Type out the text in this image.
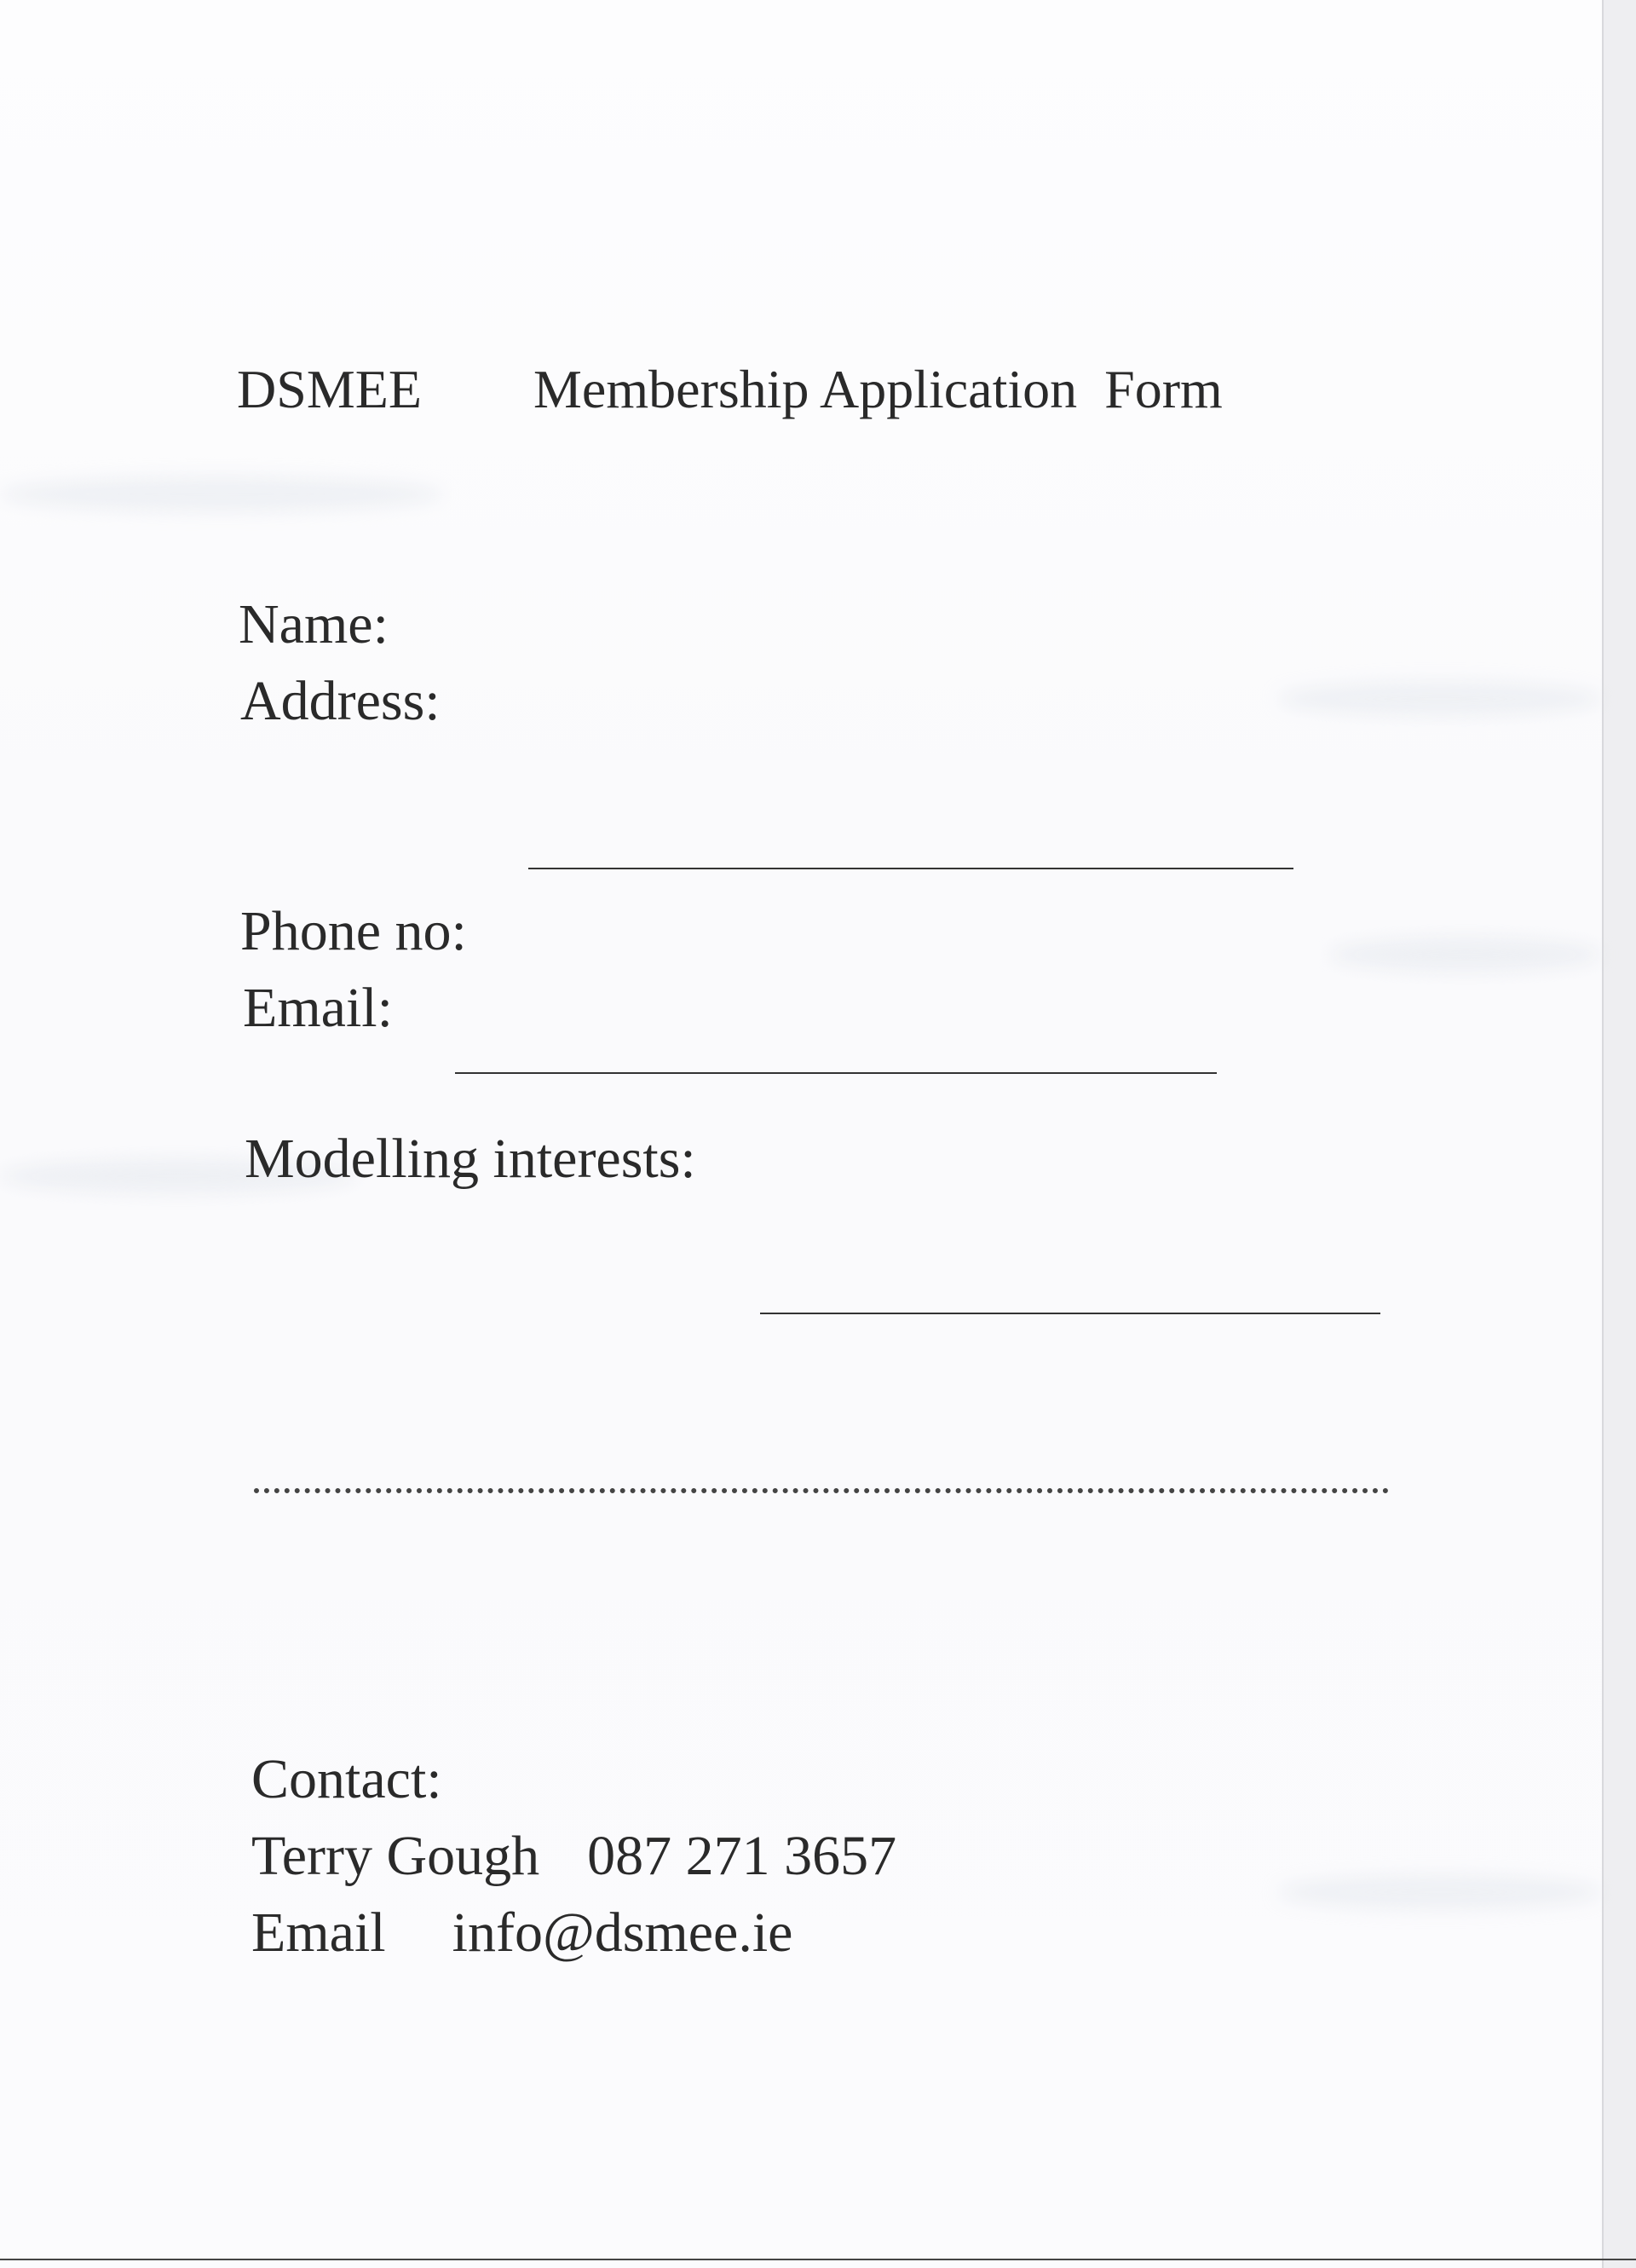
DSMEE Membership Application  Form
Name:
Address:
Phone no:
Email:
Modelling interests:
Contact:
Terry Gough 087 271 3657
Email info@dsmee.ie
